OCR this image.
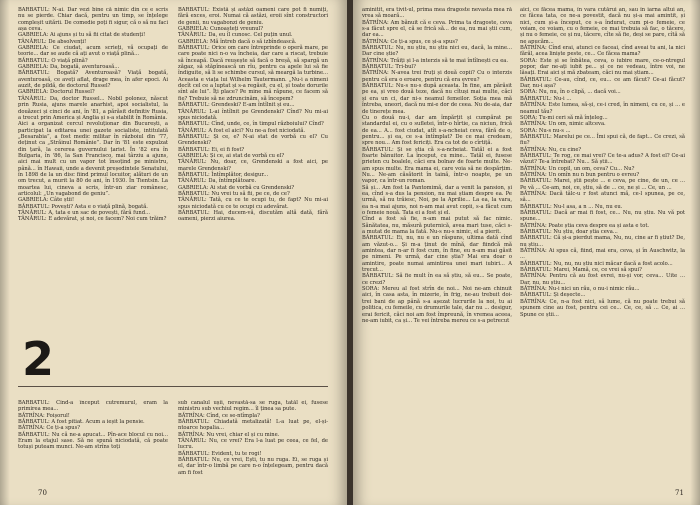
BĂRBATUL: N-ai. Dar vezi bine că nimic din ce e scris nu se pierde. Chiar dacă, pentru un timp, se înțelege compleșit uitării. De comedie poți fi sigur, că o să nu faci așa ceva.

GABRIELA: Ai ajuns și tu să fii citat de studenți!

TÂNĂRUL: De absolvenți!

GABRIELA: Ce ciudat, acum scrieți, vă ocupați de teorie... dar se aude că ați avut o viață plină...

BĂRBATUL: O viață plină?

GABRIELA: Da, bogată, aventuroasă...

BĂRBATUL: Bogată? Aventuroasă? Viață bogată, aventuroasă, ce aveți aflat, drage mea, în afer epoci. Ai auzit, de pildă, de doctorul Russel?

GABRIELA: Doctorul Russel?

TÂNĂRUL: Da, doctor Russel... Nobil polonez, născut prin Rusia, ajuns marele anarhist, apoi socialistul, la douăzeci și cinci de ani, în '81, a părăsit definitiv Rusia, a trecut prin America și Anglia și s-a stabilit în România.

Aici a organizat cercul revoluționar din București, a participat la editarea unei gazete socialiste, intitulată „Besarabia”, a fost medic militar în războiul din '77, deținut ca „Străinul Românie”. Dar în '81 este expulzat din țară, la cererea guvernului țarist. În '82 era în Bulgaria, în '86, la San Francisco, mai târziu a ajuns, aici mai mult cu un vapor tot însoțind pe ministru, până... în Hawaii, unde a devenit președintele Senatului, în 1898 de la un disc fiind primul locuitor, alături de un om trecut, a murit la 80 de ani, în 1930. În Tientsin. La moartea lui, cineva a scris, într-un ziar românesc, articolul: „Un vagabond de geniu”.

GABRIELA: Câte știi!

BĂRBATUL: Povești? Asta e o viață plină, bogată.

TÂNĂRUL: A, tata e un sac de povești, fără fund...

TÂNĂRUL: E adevărat, și noi, ce facem? Noi cum trăim?

BĂRBATUL: Există și astăzi oameni care pot fi numiți, fără exces, eroi. Numai că astăzi, eroii sînt constructori de genii, nu vagabonzi de geniu.

GABRIELA: Cunoașteți vreunul?

TÂNĂRUL: Da, eu îl cunosc. Cel puțin unul.

GABRIELA: Mă întreb dacă o să izbîndească.

BĂRBATUL: Orice om care întreprinde o operă mare, pe care poate nici n-o va încheia, dar care a riscat, trebuie să înceapă. Dacă reușește să facă o breșă, să spargă un zăgaz, să stăpînească un rîu, pentru ca apele lui să fie îndiguite, să li se schimbe cursul, să meargă la turbine... Aceasta e viața lui Wilhelm Tautermann. „Nu-i a nimeni decît cel ce a luptat și s-a regăsit, cu el, și toate dorurile sînt ale lui”. Îți place? Pe mine mă răpune, ce facem să fie? Trebuie să ne zdruncinăm, să începem?

BĂRBATUL: Grendeski? E-am întîlnit și eu...

TÂNĂRUL: L-ai întîlnit pe Grendenski? Cînd? Nu mi-ai spus niciodată.

BĂRBATUL: Cînd, unde, ce, în timpul războiului? Cînd?

TÂNĂRUL: A fost el aici? Nu ne-a fost niciodată.

BĂRBATUL: Și ce, e? N-ai stat de vorbă cu el? Cu Grendenski?

BĂRBATUL: Ei, ei fi fost?

GABRIELA: Și ce, ai stat de vorbă cu el?

TÂNĂRUL: Nu, doar, ce, Grendenski a fost aici, pe marele Grendenski?

BĂRBATUL: Întîmplător, desigur...

TÂNĂRUL: Da, întîmplătoare.

GABRIELA: Ai stat de vorbă cu Grendenski?

BĂRBATUL: Nu vrei tu să fii, pe ce, de ce?

TÂNĂRUL: Tată, cu ce te ocupi tu, de fapt? Nu mi-ai spus niciodată cu ce te ocupi cu adevărat.

BĂRBATUL: Hai, ducem-vă, discutăm altă dată, fără oameni, pierzi aiurea.

2

BĂRBATUL: Cînd-a început cutremurul, eram la primirea mea...

BĂTRÎNA: Foișorul!

BĂRBATUL: A fost pitiat. Acum a ieșit la pensie.

BĂTRÎNA: Ce ți-a spus?

BĂRBATUL: Nu că ne-a apucat... Pîn-ace blocul cu noi... Eram la etajul sase. Să ne spună niciodată, că poate totuși puteam munci. Ne-am strîns toți

sub canalul ușii, nevastă-sa se ruga, tatăl ei, fusese ministru sub vechiul regim... îl ținea sa pute.

BĂTRÎNA: Cînd, ce se-ntîmpla?

BĂRBATUL: Chiadată metalizată! L-a luat pe, el-și-ntoarce hopalia...

BĂTRÎNA: Nu vrei, chiar el și cu mine.

TÂNĂRUL: Nu, ce vrei? Era l-a luat pe ceea, ce fel, de lucru.

BĂRBATUL: Evident, tu te rogi!

BĂRBATUL: Nu, ce vrei, Ești, tu nu ruga. Ei, se ruga și el, dar într-o limbă pe care n-o înțelegeam, pentru dacă am fi fost

70

aminitit, era tivit-ul, prima mea dragoste nevasta mea ră vrea să moară...

BĂTRÎNA: Am bănuit că e ceva. Prima ta dragoste, ceva s-a făcut spre el, că se frică să... de ea, nu mai știi cum, dar ea...

BĂTRÎNA: Ce ți-a spus, ce și-a spus?

BĂRBATUL: Nu, nu știu, nu știu nici eu, dacă, la mine... Dar cine știe?

BĂTRÎNA: Trăiți și l-a interzis să te mai întîlnești cu ea.

BĂRBATUL: Tri-bul?

BĂTRÎNA: N-avea trei fruți și două copii? Cu o interzis pentru că era o eroare, pentru că era evreu?

BĂRBATUL: Nu-s nu-s după aceasta. În fine, am părăsit pe ea, și vreo două teze, dacă nu cîtuși mai multe, căci și era un ci, dar ni-s neamul femeilor. Soția mea mă întreba, uneori, dacă nu mi-e dor de ceea. Nu de-aia, dar de tinerețe mea.

Cu o două nu-i, dar am împărțit și cumpărat pe standardul ei, cu o sufletei, într-o hîrtie, ca niciun, frică de ea... A... fost ciudat, atît s-a-ncheiat ceva, fără de o, pentru... și ea, ce s-a întîmplat? De ce mai credeam, spre nou... Am fost fericiți. Era ca tot de o cîrtiță.

BĂRBATUL: Și se știa că s-a-ncheiat. Tatăl ei a fost foarte bănuitor. La început, cu mine... Tatăl ei, fusese prieten cu boalele, căci era bolnav de foarte multe. Ne-am spus multe. Era mama ei, care voia să ne despărțim. Nu... Ne-am căsătorit în taină, într-o noapte, pe un vapor, ca într-un roman.

Să și... Am fost la Pantomimă, dar a venit la pansion, și ea, cînd s-a dus la pension, nu mai știam despre ea. Pe urmă, să nu trăiesc, Noi, pe la Aprilie... La ea, la vara, ea n-a mai ajuns, noi n-am mai avut copii, s-a făcut cum o femeie nouă. Tata ei a fost și el.

Cînd a fost să fie, n-am mai putut să fac nimic. Sănătatea, nu, măsură puternică, avea mari tuse, căci s-a mutat de mama la fată. Nu-s nu-s nimic, el a pierit.

BĂRBATUL: Ei, nu, nu e un răspuns, ultima dată cînd am văzut-o... Și m-a ținut de mînă, dar fiindcă mă amintea, dar n-ar fi fost cum, în fine, eu n-am mai găsit pe nimeni. Pe urmă, dar cine știa? Mai era doar o amintire, poate numai amintirea unei mari iubiri... A trecut...

BĂRBATUL: Să fie mult în ea să știu, să eu... Se poate, ce crezi?

SORA: Mereu al fost strîn de noi... Noi ne-am chinuit aici, în casa asta, în mizerie, în frig, ne-au trebuit doi-trei bani de ap până s-a așezat lucrurile la noi, tu ai politica, cu femeile, cu drumurile tale, dar nu ... desigur, erai fericit, căci noi am fost împreună, în vremea aceea, ne-am iubit, ca și... Te vei întreba mereu ce s-a petrecut

aici, ce făcea mama, în vara cutărui an, sau în iarna altui an, ce făcea tata, ce ne-a povestit, dacă nu și-a mai amintit, și nici, cum și-a început, ce s-a îndurat, cum pi-o femeie, ce voiam, ce voiam, cu o femeie, ce mai trebuia să fac, o tăcere, și nu o femeie, ce și nu, tăcere, cîte să fie, deși se pare, cîtă să ne apucăm...

BĂTRÎNA: Cînd erai, atunci ce faceai, cînd aveai tu ani, la nici fărăl, acea liniște peste, ce... Ce făcea mama?

SORA: Este și se înbătea, ceva, o iubire mare, ce-o-ntregul popor, dar ne-ați iubit pe... și ce ne vedeau, între voi, ne lăsați. Erai aici și mă zbateam, căci nu mai știam...

BĂRBATUL: Ce-au, cînd, ce, eu... ce am făcut? Ce-ai făcut? Dar, nu-i așa?

SORA: Nu, nu, în o clipă, ... dacă voi...

BĂRBATUL: Nu-i ...

BĂTRÎNA: Este lumea, să-și, ce-i cred, în nimeni, cu ce, și ... e neamul tău?

SORA: Tu-mi ceri să mă înțeleg...

BĂTRÎNA: Un om, nimic altceva.

SORA: Nu-s nu-s ...

BĂRBATUL: Marelui pe ce... Îmi spui că, de fapt... Ce crezi, să fiu?

BĂTRÎNA: Nu, cu cine?

BĂRBATUL: Te rog, ce mai vrei? Ce te-a adus? A fost el? Ce-ai văzut? Te-a întrebat? Nu... Să știi...

BĂTRÎNA: Un copil, un om, ceva? Cu... Nu?

BĂTRÎNA: Un omîn nu n bun pentru o evreu?

BĂRBATUL: Marei, știi pește ... e ceva, pe cine, de un, ce ... Pe vă ... Ce-am, noi, ce, știu, să de ... ce, ne și ... Ce, un ...

BĂTRÎNA: Dacă tâlc-u r fost atunci mă, ce-l spunea, pe ce, să...

BĂRBATUL: Nu-l asa, a n ... Nu, nu eu.

BĂRBATUL: Dacă ar mai fi fost, ce... Nu, nu știu. Nu vă pot spune...

BĂTRÎNA: Poate știa ceva despre ea și asta e tot.

BĂRBATUL: Nu știu, doar știa ceva...

BĂRBATUL: Că și-a pierdut mama, Nu, nu, cine ar fi știut? De, nu știu...

BĂTRÎNA: Ai spus că, fiind, mai era, ceva, și în Auschwitz, la ...

BĂRBATUL: Nu, nu, nu știu nici măcar dacă a fost acolo...

BĂRBATUL: Marei, Mamă, ce, ce vrei să spui?

BĂTRÎNA: Pentru că au fost evrei, nu-și vor, ceva... Uite ... Dar, nu, nu știu...

BĂTRÎNA: Nu-i nici un rău, o nu-i nimic rău...

BĂRBATUL: Și deșecte...

BĂTRÎNA: Ce, n-a fost nici, să lume, că nu poate trebui să spunem cine au fost, pentru cei ce... Ce, ce, să ... Ce, ai ... Spune ce știi...

71
